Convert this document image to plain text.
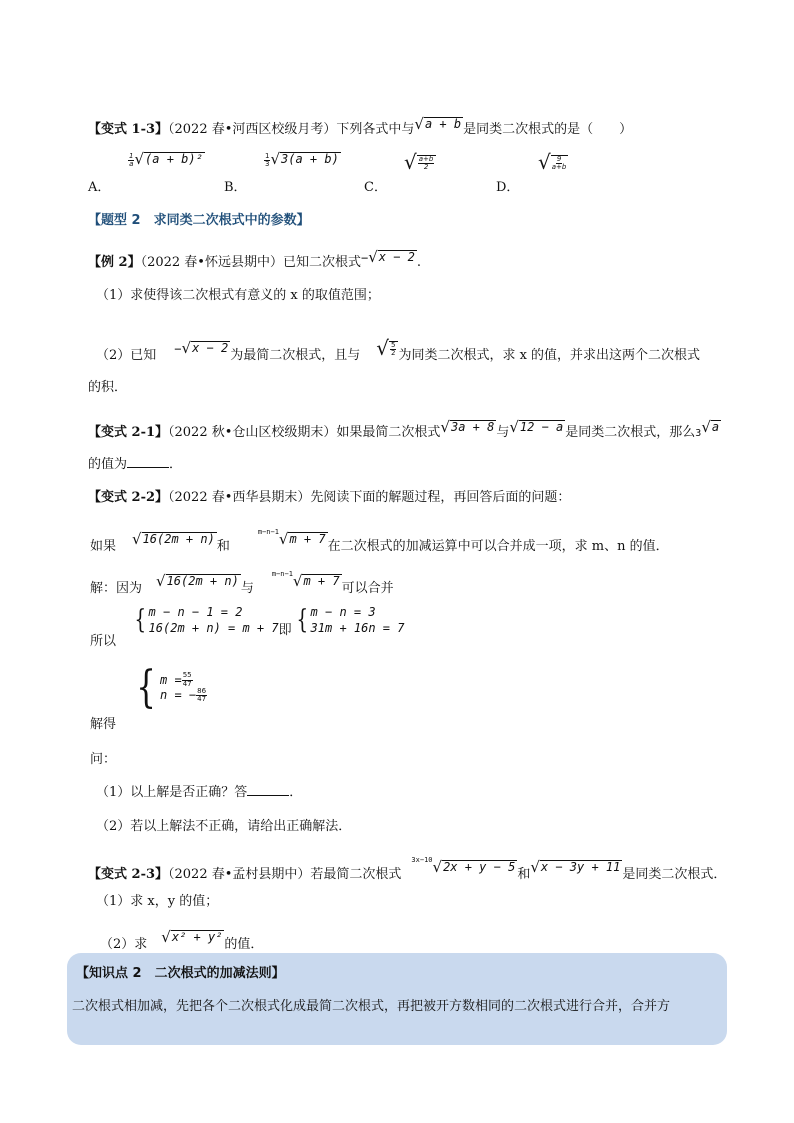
【变式 1-3】（2022 春•河西区校级月考）下列各式中与 √ a + b 是同类二次根式的是（　　）
A．
$\frac{1}{a}$ √ (a + b)²
B．
$\frac{1}{3}$ √ 3(a + b)
C．
√ $\frac{a+b}{2}$
D．
√ $\frac{9}{a+b}$
【题型 2　求同类二次根式中的参数】
【例 2】（2022 春•怀远县期中）已知二次根式− √ x − 2 .
（1）求使得该二次根式有意义的 x 的取值范围；
（2）已知 − √ x − 2 为最简二次根式，且与 √ $\frac{5}{2}$ 为同类二次根式，求 x 的值，并求出这两个二次根式
的积．
【变式 2-1】（2022 秋•仓山区校级期末）如果最简二次根式 √ 3a + 8 与 √ 12 − a 是同类二次根式，那么3 √ a
的值为	．
【变式 2-2】（2022 春•西华县期末）先阅读下面的解题过程，再回答后面的问题：
如果 √ 16(2m + n) 和$^{m-n-1}$ √ m + 7 在二次根式的加减运算中可以合并成一项，求 m、n 的值．
解：因为 √ 16(2m + n) 与$^{m-n-1}$ √ m + 7 可以合并
所以
{ m − n − 1 = 2
16(2m + n) = m + 7即 { m − n = 3
31m + 16n = 7
解得
{ $m = \frac{55}{47}$

n = − $\frac{86}{47}$
问：
（1）以上解是否正确？答	．
（2）若以上解法不正确，请给出正确解法．
【变式 2-3】（2022 春•孟村县期中）若最简二次根式$^{3x-10}$ √ 2x + y − 5 和 √ x − 3y + 11 是同类二次根式．
（1）求 x，y 的值；
（2）求 √ x² + y² 的值．
【知识点 2　二次根式的加减法则】
二次根式相加减，先把各个二次根式化成最简二次根式，再把被开方数相同的二次根式进行合并，合并方
